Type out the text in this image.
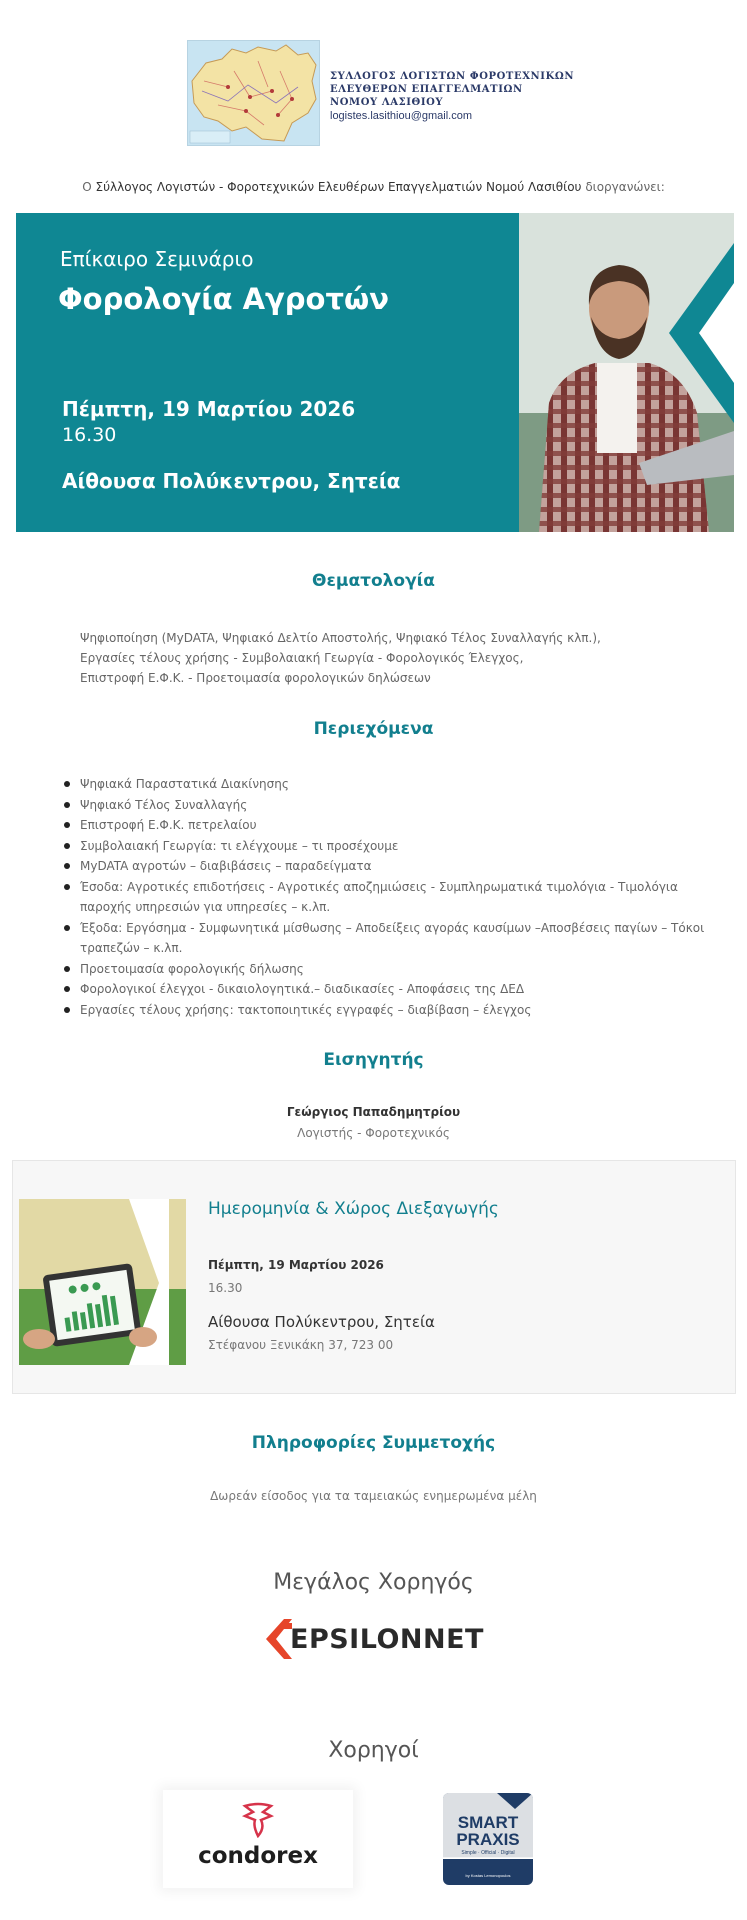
ΣΥΛΛΟΓΟΣ ΛΟΓΙΣΤΩΝ ΦΟΡΟΤΕΧΝΙΚΩΝ
ΕΛΕΥΘΕΡΩΝ ΕΠΑΓΓΕΛΜΑΤΙΩΝ
ΝΟΜΟΥ ΛΑΣΙΘΙΟΥ
logistes.lasithiou@gmail.com
Ο Σύλλογος Λογιστών - Φοροτεχνικών Ελευθέρων Επαγγελματιών Νομού Λασιθίου διοργανώνει:
Επίκαιρο Σεμινάριο
Φορολογία Αγροτών
Πέμπτη, 19 Μαρτίου 2026
16.30
Αίθουσα Πολύκεντρου, Σητεία
Θεματολογία
Ψηφιοποίηση (MyDATA, Ψηφιακό Δελτίο Αποστολής, Ψηφιακό Τέλος Συναλλαγής κλπ.),
Εργασίες τέλους χρήσης - Συμβολαιακή Γεωργία - Φορολογικός Έλεγχος,
Επιστροφή Ε.Φ.Κ. - Προετοιμασία φορολογικών δηλώσεων
Περιεχόμενα
Ψηφιακά Παραστατικά Διακίνησης
Ψηφιακό Τέλος Συναλλαγής
Επιστροφή Ε.Φ.Κ. πετρελαίου
Συμβολαιακή Γεωργία: τι ελέγχουμε – τι προσέχουμε
MyDATA αγροτών – διαβιβάσεις – παραδείγματα
Έσοδα: Αγροτικές επιδοτήσεις - Αγροτικές αποζημιώσεις - Συμπληρωματικά τιμολόγια - Τιμολόγια παροχής υπηρεσιών για υπηρεσίες – κ.λπ.
Έξοδα: Εργόσημα - Συμφωνητικά μίσθωσης – Αποδείξεις αγοράς καυσίμων –Αποσβέσεις παγίων – Τόκοι τραπεζών – κ.λπ.
Προετοιμασία φορολογικής δήλωσης
Φορολογικοί έλεγχοι - δικαιολογητικά.– διαδικασίες - Αποφάσεις της ΔΕΔ
Εργασίες τέλους χρήσης: τακτοποιητικές εγγραφές – διαβίβαση – έλεγχος
Εισηγητής
Γεώργιος Παπαδημητρίου
Λογιστής - Φοροτεχνικός
Ημερομηνία & Χώρος Διεξαγωγής
Πέμπτη, 19 Μαρτίου 2026
16.30
Αίθουσα Πολύκεντρου, Σητεία
Στέφανου Ξενικάκη 37, 723 00
Πληροφορίες Συμμετοχής
Δωρεάν είσοδος για τα ταμειακώς ενημερωμένα μέλη
Μεγάλος Χορηγός
EPSILONNET
Χορηγοί
condorex
SMART
PRAXIS
Simple · Official · Digital
by Kostas Lemonopoulos
